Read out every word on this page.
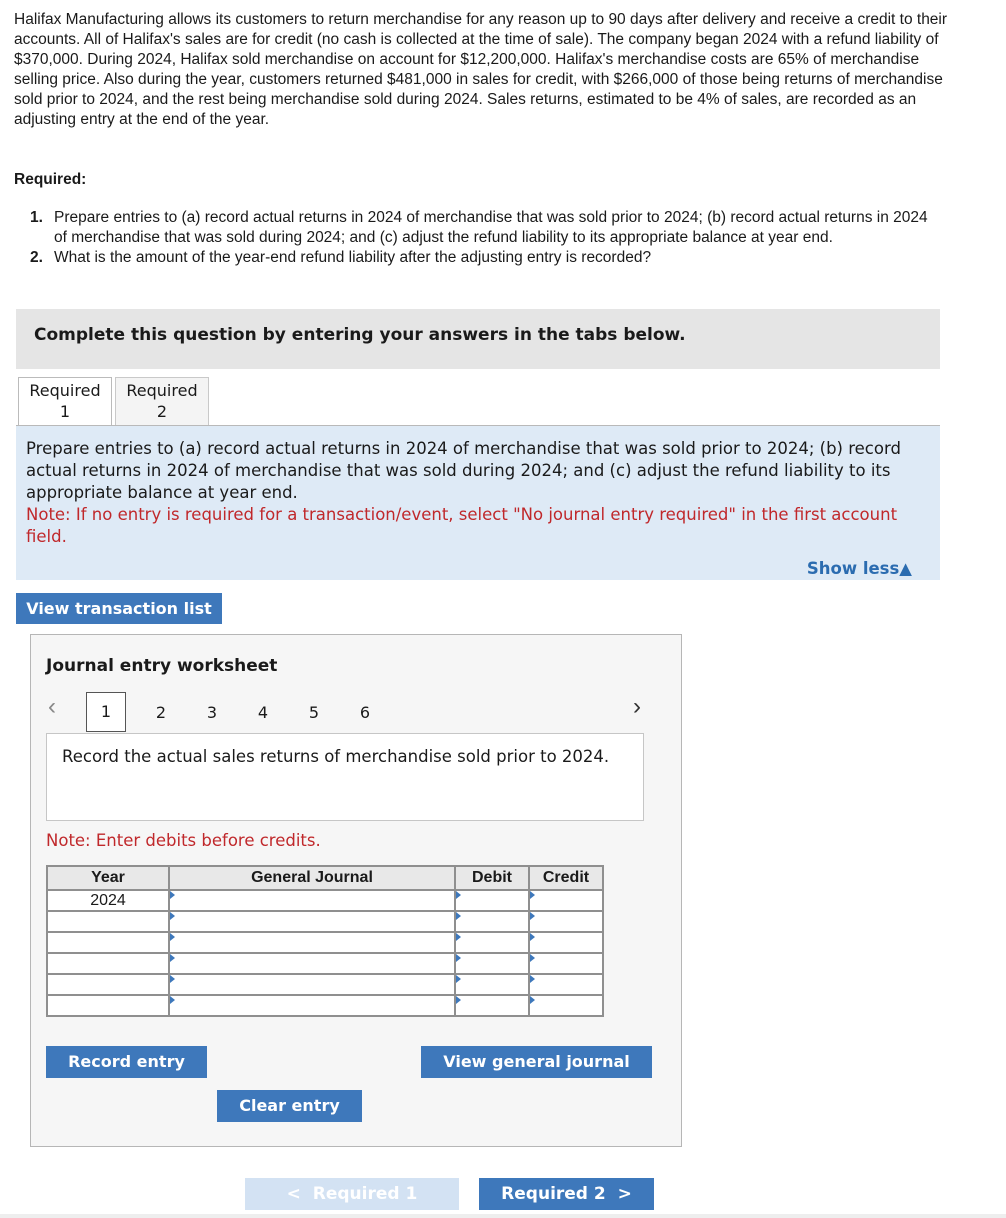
Halifax Manufacturing allows its customers to return merchandise for any reason up to 90 days after delivery and receive a credit to their accounts. All of Halifax's sales are for credit (no cash is collected at the time of sale). The company began 2024 with a refund liability of $370,000. During 2024, Halifax sold merchandise on account for $12,200,000. Halifax's merchandise costs are 65% of merchandise selling price. Also during the year, customers returned $481,000 in sales for credit, with $266,000 of those being returns of merchandise sold prior to 2024, and the rest being merchandise sold during 2024. Sales returns, estimated to be 4% of sales, are recorded as an adjusting entry at the end of the year.

Required:

1. Prepare entries to (a) record actual returns in 2024 of merchandise that was sold prior to 2024; (b) record actual returns in 2024 of merchandise that was sold during 2024; and (c) adjust the refund liability to its appropriate balance at year end.
2. What is the amount of the year-end refund liability after the adjusting entry is recorded?
Complete this question by entering your answers in the tabs below.
Required
1
Required
2
Prepare entries to (a) record actual returns in 2024 of merchandise that was sold prior to 2024; (b) record actual returns in 2024 of merchandise that was sold during 2024; and (c) adjust the refund liability to its appropriate balance at year end.
Note: If no entry is required for a transaction/event, select "No journal entry required" in the first account field.
Show less▲
View transaction list
Journal entry worksheet
‹	1	2	3	4	5	6	›
Record the actual sales returns of merchandise sold prior to 2024.
Note: Enter debits before credits.
Year	General Journal	Debit	Credit
2024			

Record entry	View general journal
Clear entry
<  Required 1	Required 2  >
